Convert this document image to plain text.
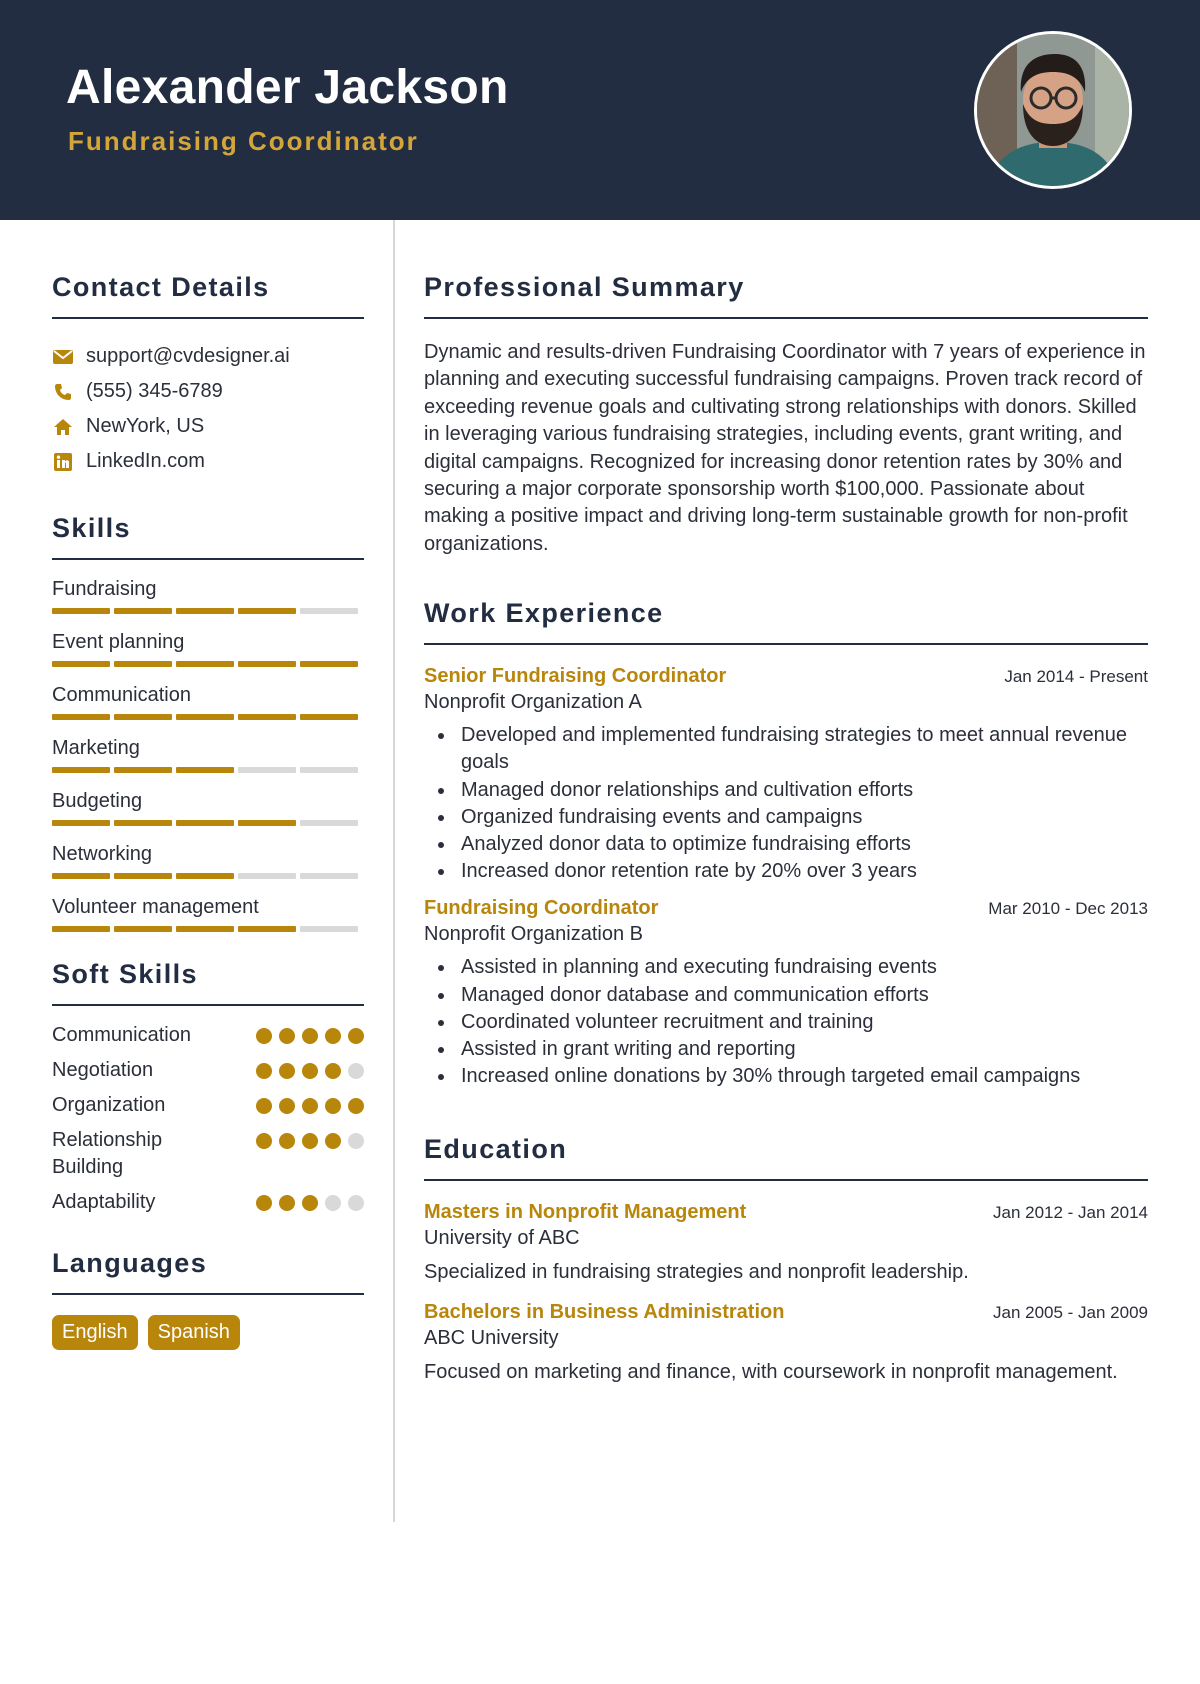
Alexander Jackson
Fundraising Coordinator
Contact Details
support@cvdesigner.ai
(555) 345-6789
NewYork, US
LinkedIn.com
Skills
Fundraising
Event planning
Communication
Marketing
Budgeting
Networking
Volunteer management
Soft Skills
Communication
Negotiation
Organization
Relationship Building
Adaptability
Languages
English	Spanish
Professional Summary

Dynamic and results-driven Fundraising Coordinator with 7 years of experience in planning and executing successful fundraising campaigns. Proven track record of exceeding revenue goals and cultivating strong relationships with donors. Skilled in leveraging various fundraising strategies, including events, grant writing, and digital campaigns. Recognized for increasing donor retention rates by 30% and securing a major corporate sponsorship worth $100,000. Passionate about making a positive impact and driving long-term sustainable growth for non-profit organizations.

Work Experience
Senior Fundraising Coordinator	Jan 2014 - Present
Nonprofit Organization A
Developed and implemented fundraising strategies to meet annual revenue goals
Managed donor relationships and cultivation efforts
Organized fundraising events and campaigns
Analyzed donor data to optimize fundraising efforts
Increased donor retention rate by 20% over 3 years
Fundraising Coordinator	Mar 2010 - Dec 2013
Nonprofit Organization B
Assisted in planning and executing fundraising events
Managed donor database and communication efforts
Coordinated volunteer recruitment and training
Assisted in grant writing and reporting
Increased online donations by 30% through targeted email campaigns
Education
Masters in Nonprofit Management	Jan 2012 - Jan 2014
University of ABC

Specialized in fundraising strategies and nonprofit leadership.

Bachelors in Business Administration	Jan 2005 - Jan 2009
ABC University

Focused on marketing and finance, with coursework in nonprofit management.
